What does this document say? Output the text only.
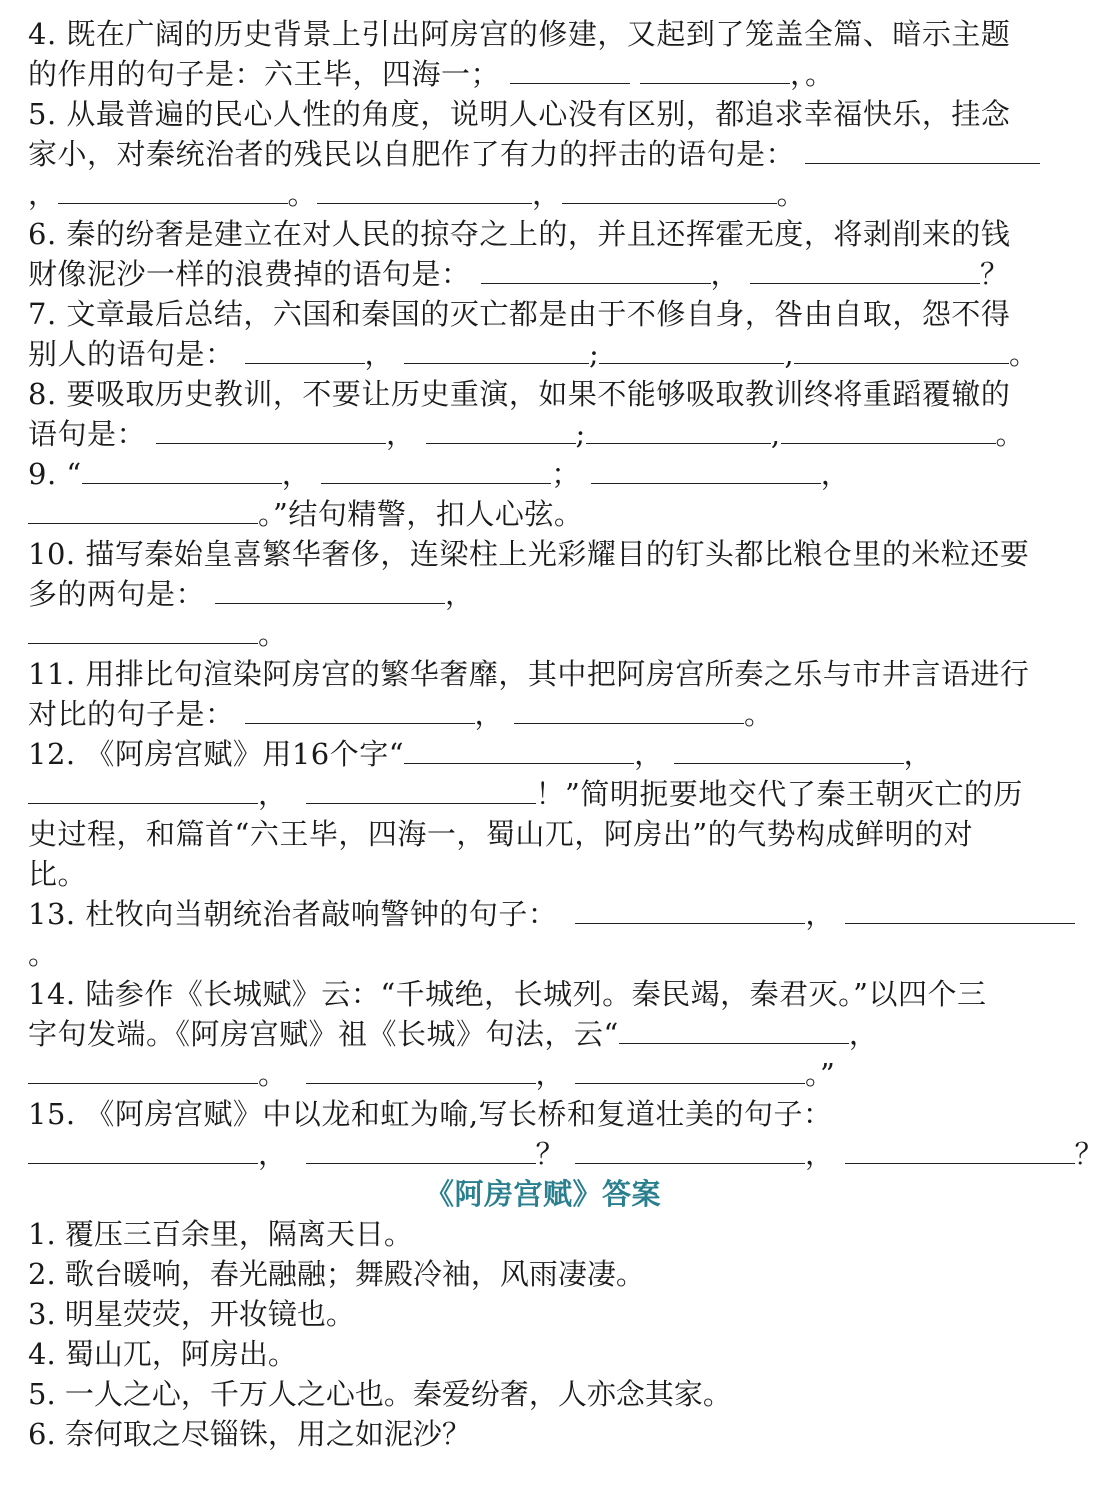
4. 既在广阔的历史背景上引出阿房宫的修建，又起到了笼盖全篇、暗示主题
的作用的句子是：六王毕，四海一；	，。
5. 从最普遍的民心人性的角度，说明人心没有区别，都追求幸福快乐，挂念
家小，对秦统治者的残民以自肥作了有力的抨击的语句是：
，	。	，	。
6. 秦的纷奢是建立在对人民的掠夺之上的，并且还挥霍无度，将剥削来的钱
财像泥沙一样的浪费掉的语句是：	，	？
7. 文章最后总结，六国和秦国的灭亡都是由于不修自身，咎由自取，怨不得
别人的语句是：	，	;	,	。
8. 要吸取历史教训，不要让历史重演，如果不能够吸取教训终将重蹈覆辙的
语句是：	，	;	,	。
9. “	，	；	，
。”结句精警，扣人心弦。
10. 描写秦始皇喜繁华奢侈，连梁柱上光彩耀目的钉头都比粮仓里的米粒还要
多的两句是：	，
。
11. 用排比句渲染阿房宫的繁华奢靡，其中把阿房宫所奏之乐与市井言语进行
对比的句子是：	，	。
12. 《阿房宫赋》用16个字“	，	，
，	！”简明扼要地交代了秦王朝灭亡的历
史过程，和篇首“六王毕，四海一，蜀山兀，阿房出”的气势构成鲜明的对
比。
13. 杜牧向当朝统治者敲响警钟的句子：	，
。
14. 陆参作《长城赋》云：“千城绝，长城列。秦民竭，秦君灭。”以四个三
字句发端。《阿房宫赋》祖《长城》句法，云“	，
。	，	。”
15. 《阿房宫赋》中以龙和虹为喻,写长桥和复道壮美的句子：
，	？	，	？
《阿房宫赋》答案
1. 覆压三百余里，隔离天日。
2. 歌台暖响，春光融融；舞殿冷袖，风雨凄凄。
3. 明星荧荧，开妆镜也。
4. 蜀山兀，阿房出。
5. 一人之心，千万人之心也。秦爱纷奢，人亦念其家。
6. 奈何取之尽锱铢，用之如泥沙？
